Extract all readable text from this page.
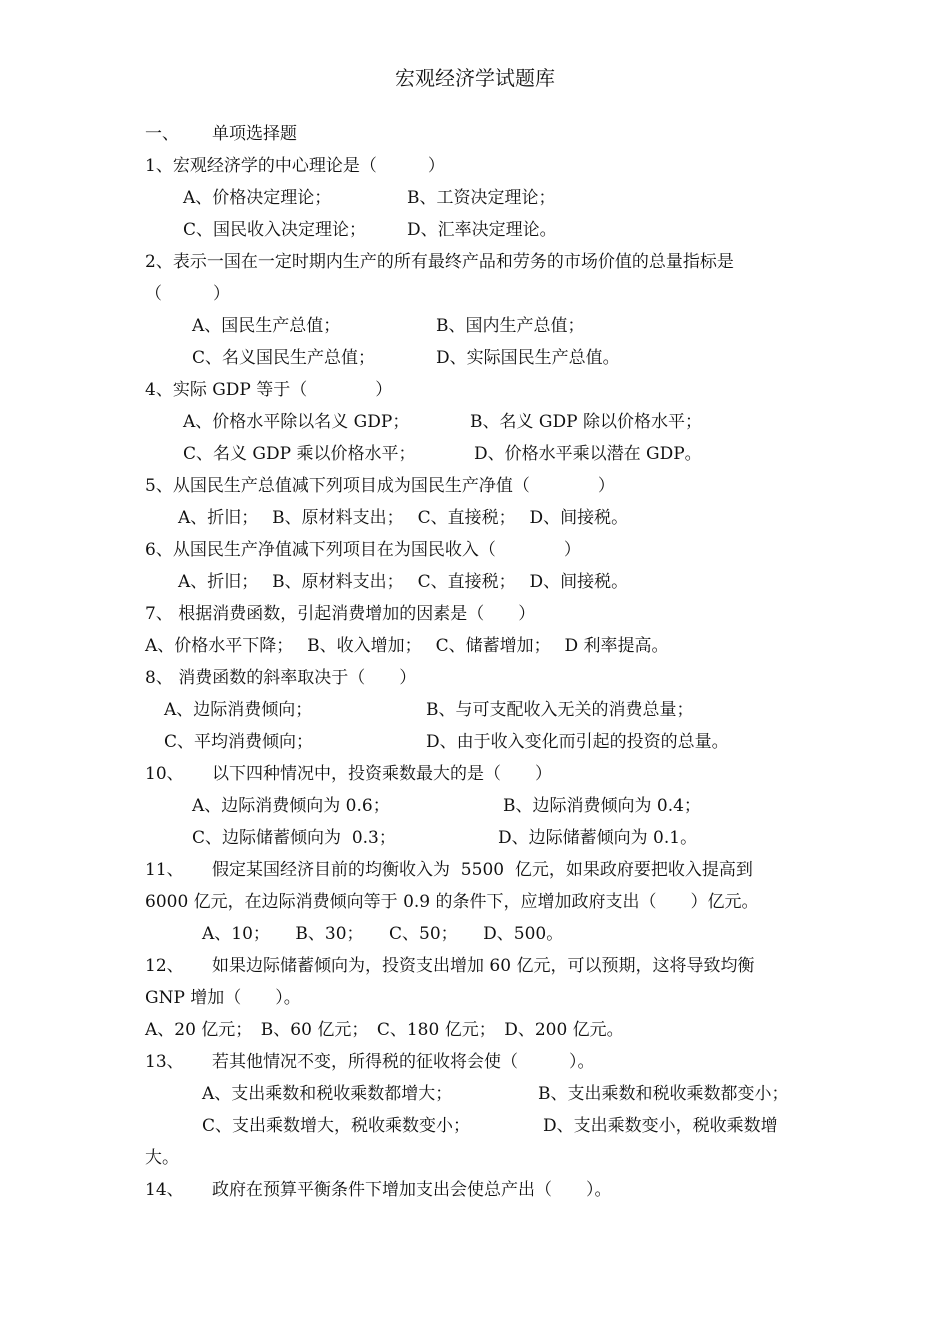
宏观经济学试题库
一、 单项选择题
1、宏观经济学的中心理论是（　　　）
A、价格决定理论；	B、工资决定理论；
C、国民收入决定理论； D、汇率决定理论。
2、表示一国在一定时期内生产的所有最终产品和劳务的市场价值的总量指标是
（　　　）
A、国民生产总值；	B、国内生产总值；
C、名义国民生产总值；	D、实际国民生产总值。
4、实际 GDP 等于（　　　　）
A、价格水平除以名义 GDP；	B、名义 GDP 除以价格水平；
C、名义 GDP 乘以价格水平；	D、价格水平乘以潜在 GDP。
5、从国民生产总值减下列项目成为国民生产净值（　　　　）
A、折旧；　 B、原材料支出；　 C、直接税；　 D、间接税。
6、从国民生产净值减下列项目在为国民收入（　　　　）
A、折旧；　 B、原材料支出；　 C、直接税；　 D、间接税。
7、 根据消费函数，引起消费增加的因素是（　　）
A、价格水平下降；　 B、收入增加；　 C、储蓄增加；　 D 利率提高。
8、 消费函数的斜率取决于（　　）
A、边际消费倾向；	B、与可支配收入无关的消费总量；
C、平均消费倾向；	D、由于收入变化而引起的投资的总量。
10、 以下四种情况中，投资乘数最大的是（　　）
A、边际消费倾向为 0.6；	B、边际消费倾向为 0.4；
C、边际储蓄倾向为  0.3；	D、边际储蓄倾向为 0.1。
11、 假定某国经济目前的均衡收入为  5500  亿元，如果政府要把收入提高到
6000 亿元，在边际消费倾向等于 0.9 的条件下，应增加政府支出（　　）亿元。
A、10；　　B、30；　　C、50；　　D、500。
12、 如果边际储蓄倾向为，投资支出增加 60 亿元，可以预期，这将导致均衡
GNP 增加（　　）。
A、20 亿元；　B、60 亿元；　C、180 亿元；　D、200 亿元。
13、 若其他情况不变，所得税的征收将会使（　　　）。
A、支出乘数和税收乘数都增大；	B、支出乘数和税收乘数都变小；
C、支出乘数增大，税收乘数变小；	D、支出乘数变小，税收乘数增
大。
14、 政府在预算平衡条件下增加支出会使总产出（　　）。
